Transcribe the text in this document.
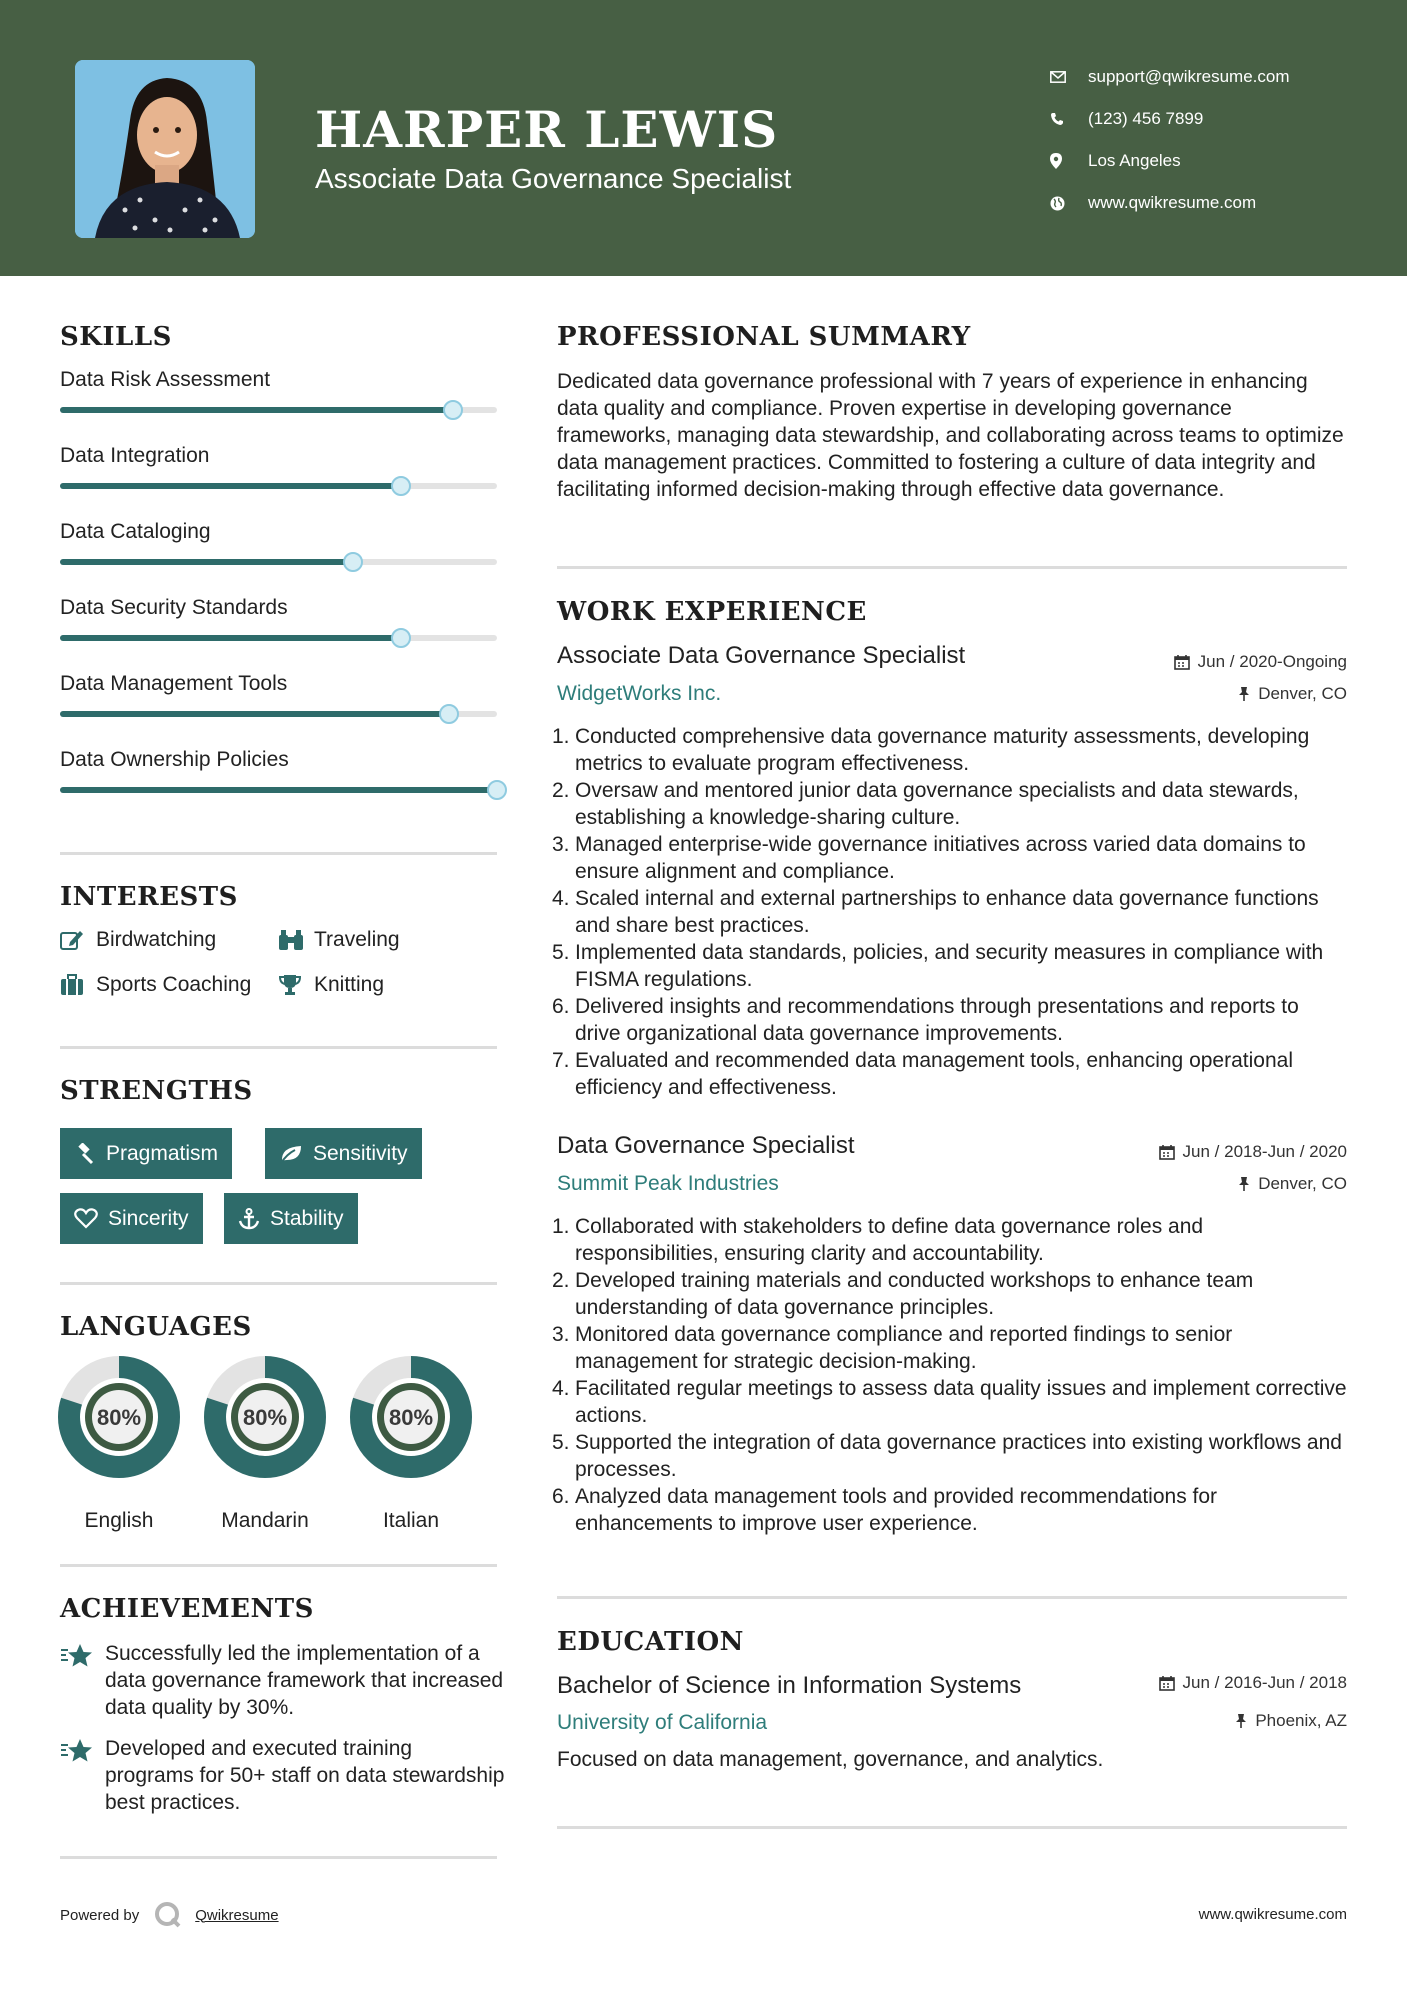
HARPER LEWIS
Associate Data Governance Specialist
support@qwikresume.com
(123) 456 7899
Los Angeles
www.qwikresume.com
SKILLS
Data Risk Assessment
Data Integration
Data Cataloging
Data Security Standards
Data Management Tools
Data Ownership Policies
INTERESTS
Birdwatching	Traveling
Sports Coaching	Knitting
STRENGTHS
Pragmatism	Sensitivity
Sincerity	Stability
LANGUAGES
80%
English
80%
Mandarin
80%
Italian
ACHIEVEMENTS
Successfully led the implementation of a data governance framework that increased data quality by 30%.
Developed and executed training programs for 50+ staff on data stewardship best practices.
PROFESSIONAL SUMMARY
Dedicated data governance professional with 7 years of experience in enhancing data quality and compliance. Proven expertise in developing governance frameworks, managing data stewardship, and collaborating across teams to optimize data management practices. Committed to fostering a culture of data integrity and facilitating informed decision-making through effective data governance.
WORK EXPERIENCE
Associate Data Governance Specialist	Jun / 2020-Ongoing
WidgetWorks Inc.	Denver, CO
1. Conducted comprehensive data governance maturity assessments, developing metrics to evaluate program effectiveness.
2. Oversaw and mentored junior data governance specialists and data stewards, establishing a knowledge-sharing culture.
3. Managed enterprise-wide governance initiatives across varied data domains to ensure alignment and compliance.
4. Scaled internal and external partnerships to enhance data governance functions and share best practices.
5. Implemented data standards, policies, and security measures in compliance with FISMA regulations.
6. Delivered insights and recommendations through presentations and reports to drive organizational data governance improvements.
7. Evaluated and recommended data management tools, enhancing operational efficiency and effectiveness.
Data Governance Specialist	Jun / 2018-Jun / 2020
Summit Peak Industries	Denver, CO
1. Collaborated with stakeholders to define data governance roles and responsibilities, ensuring clarity and accountability.
2. Developed training materials and conducted workshops to enhance team understanding of data governance principles.
3. Monitored data governance compliance and reported findings to senior management for strategic decision-making.
4. Facilitated regular meetings to assess data quality issues and implement corrective actions.
5. Supported the integration of data governance practices into existing workflows and processes.
6. Analyzed data management tools and provided recommendations for enhancements to improve user experience.
EDUCATION
Bachelor of Science in Information Systems	Jun / 2016-Jun / 2018
University of California	Phoenix, AZ
Focused on data management, governance, and analytics.
Powered by	Qwikresume	www.qwikresume.com
